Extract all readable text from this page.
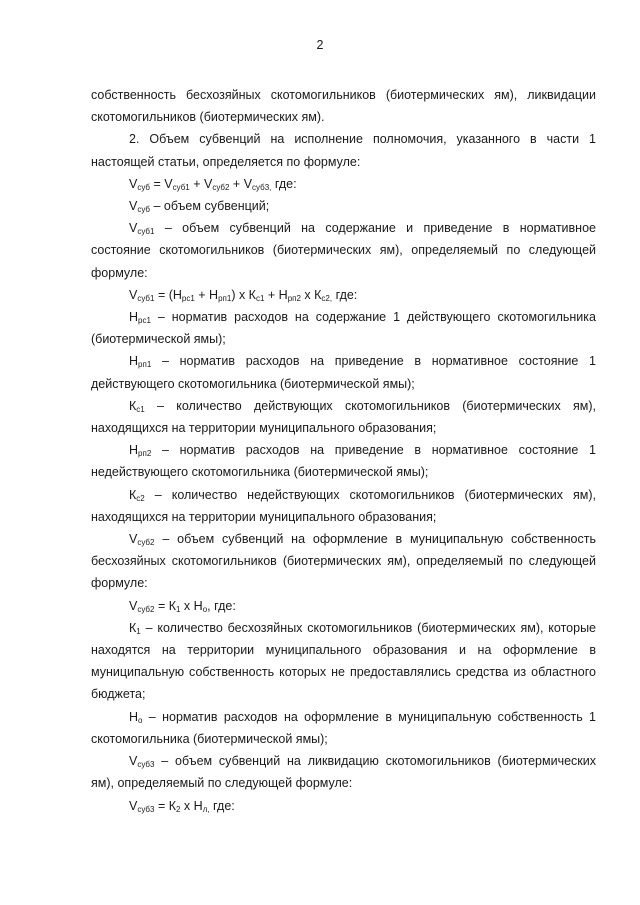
2

собственность бесхозяйных скотомогильников (биотермических ям), ликвидации скотомогильников (биотермических ям).

2. Объем субвенций на исполнение полномочия, указанного в части 1 настоящей статьи, определяется по формуле:

$V_{суб} = V_{суб1} + V_{суб2} + V_{суб3,}$ где:

$V_{суб}$ – объем субвенций;

$V_{суб1}$ – объем субвенций на содержание и приведение в нормативное состояние скотомогильников (биотермических ям), определяемый по следующей формуле:

$V_{суб1} = (Н_{рс1} + Н_{рп1})$ х $К_{с1} + Н_{рп2}$ х $К_{с2,}$ где:

$Н_{рс1}$ – норматив расходов на содержание 1 действующего скотомогильника (биотермической ямы);

$Н_{рп1}$ – норматив расходов на приведение в нормативное состояние 1 действующего скотомогильника (биотермической ямы);

$К_{с1}$ – количество действующих скотомогильников (биотермических ям), находящихся на территории муниципального образования;

$Н_{рп2}$ – норматив расходов на приведение в нормативное состояние 1 недействующего скотомогильника (биотермической ямы);

$К_{с2}$ – количество недействующих скотомогильников (биотермических ям), находящихся на территории муниципального образования;

$V_{суб2}$ – объем субвенций на оформление в муниципальную собственность бесхозяйных скотомогильников (биотермических ям), определяемый по следующей формуле:

$V_{суб2} = К_1$ х $Н_о$, где:

$К_1$ – количество бесхозяйных скотомогильников (биотермических ям), которые находятся на территории муниципального образования и на оформление в муниципальную собственность которых не предоставлялись средства из областного бюджета;

$Н_о$ – норматив расходов на оформление в муниципальную собственность 1 скотомогильника (биотермической ямы);

$V_{суб3}$ – объем субвенций на ликвидацию скотомогильников (биотермических ям), определяемый по следующей формуле:

$V_{суб3} = К_2$ х $Н_{л,}$ где:
